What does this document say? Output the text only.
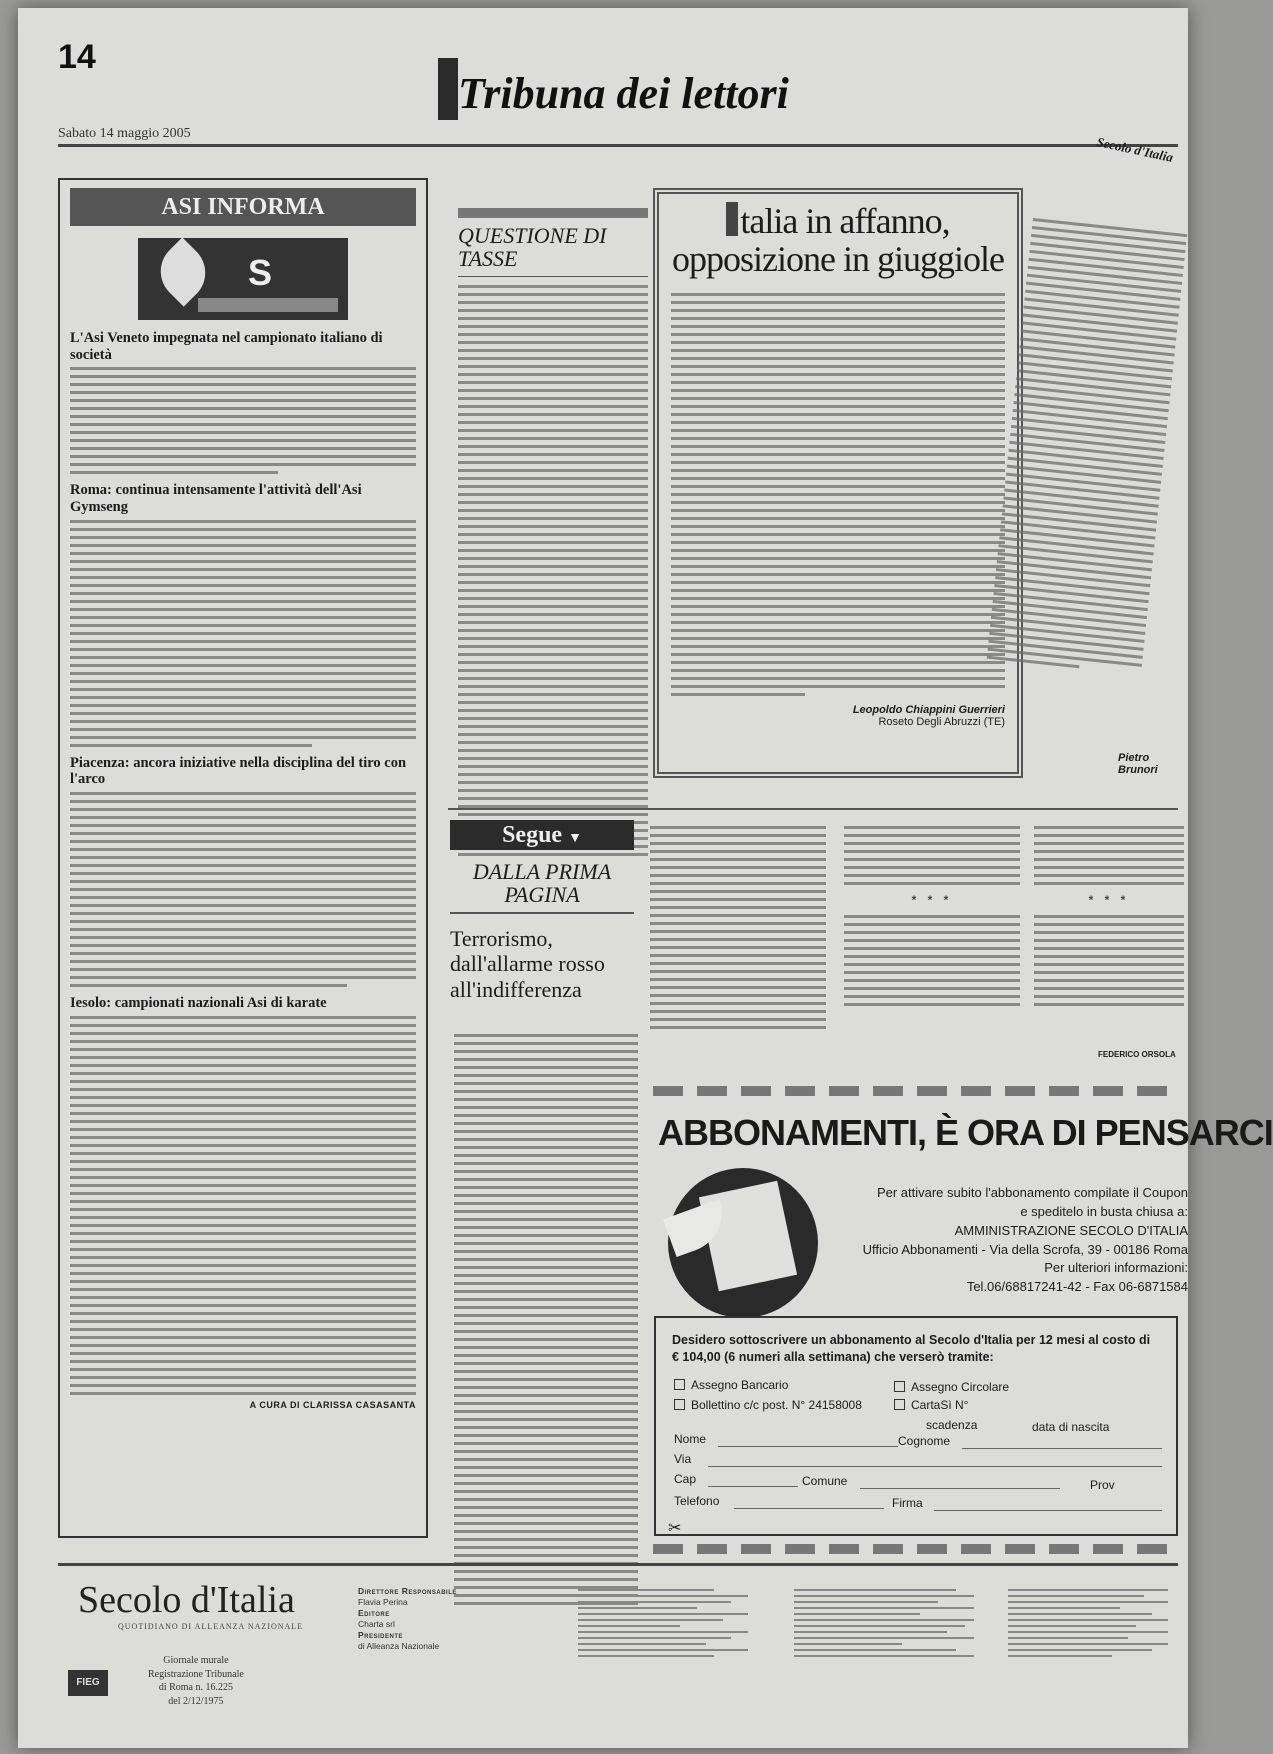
14
Tribuna dei lettori
Sabato 14 maggio 2005
Secolo d'Italia
ASI INFORMA
S
L'Asi Veneto impegnata nel campionato italiano di società
Roma: continua intensamente l'attività dell'Asi Gymseng
Piacenza: ancora iniziative nella disciplina del tiro con l'arco
Iesolo: campionati nazionali Asi di karate
A CURA DI CLARISSA CASASANTA
QUESTIONE DI TASSE
talia in affanno, opposizione in giuggiole
Leopoldo Chiappini Guerrieri
Roseto Degli Abruzzi (TE)
Pietro Brunori
Segue ▼
DALLA PRIMA PAGINA
Terrorismo, dall'allarme rosso all'indifferenza
* * *	* * *
FEDERICO ORSOLA
ABBONAMENTI, È ORA DI PENSARCI
Per attivare subito l'abbonamento compilate il Coupon
e speditelo in busta chiusa a:
AMMINISTRAZIONE SECOLO D'ITALIA
Ufficio Abbonamenti - Via della Scrofa, 39 - 00186 Roma
Per ulteriori informazioni:
Tel.06/68817241-42 - Fax 06-6871584
Desidero sottoscrivere un abbonamento al Secolo d'Italia per 12 mesi al costo di € 104,00 (6 numeri alla settimana) che verserò tramite:
Assegno Bancario
Bollettino c/c post. N° 24158008
Assegno Circolare
CartaSì N°
scadenza	data di nascita
Nome	Cognome
Via
Cap	Comune	Prov
Telefono	Firma
✂
Secolo d'Italia
QUOTIDIANO DI ALLEANZA NAZIONALE
FIEG
Giornale murale
Registrazione Tribunale
di Roma n. 16.225
del 2/12/1975
Direttore Responsabile
Flavia Perina
Editore
Charta srl
Presidente
di Alleanza Nazionale
